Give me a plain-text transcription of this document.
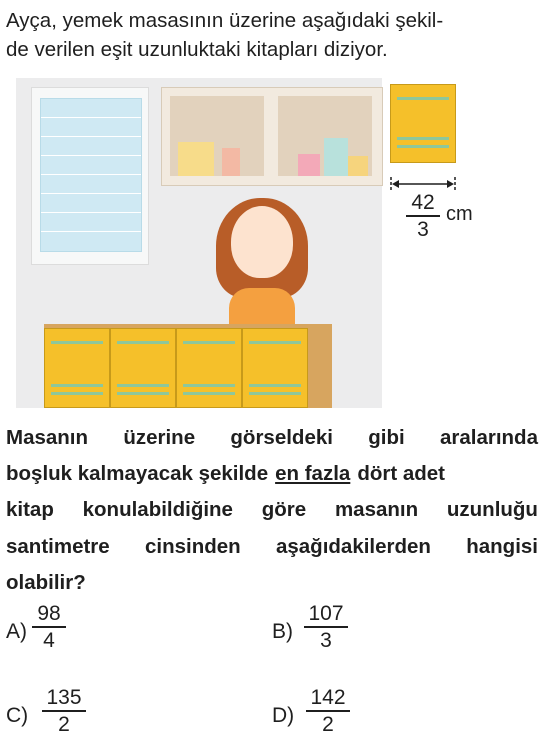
Ayça, yemek masasının üzerine aşağıdaki şekil-
de verilen eşit uzunluktaki kitapları diziyor.
42
3
cm
Masanın üzerine görseldeki gibi aralarında
boşluk kalmayacak şekilde en fazla dört adet
kitap konulabildiğine göre masanın uzunluğu
santimetre cinsinden aşağıdakilerden hangisi
olabilir?
A)
98
4	B)
107
3
C)
135
2	D)
142
2
